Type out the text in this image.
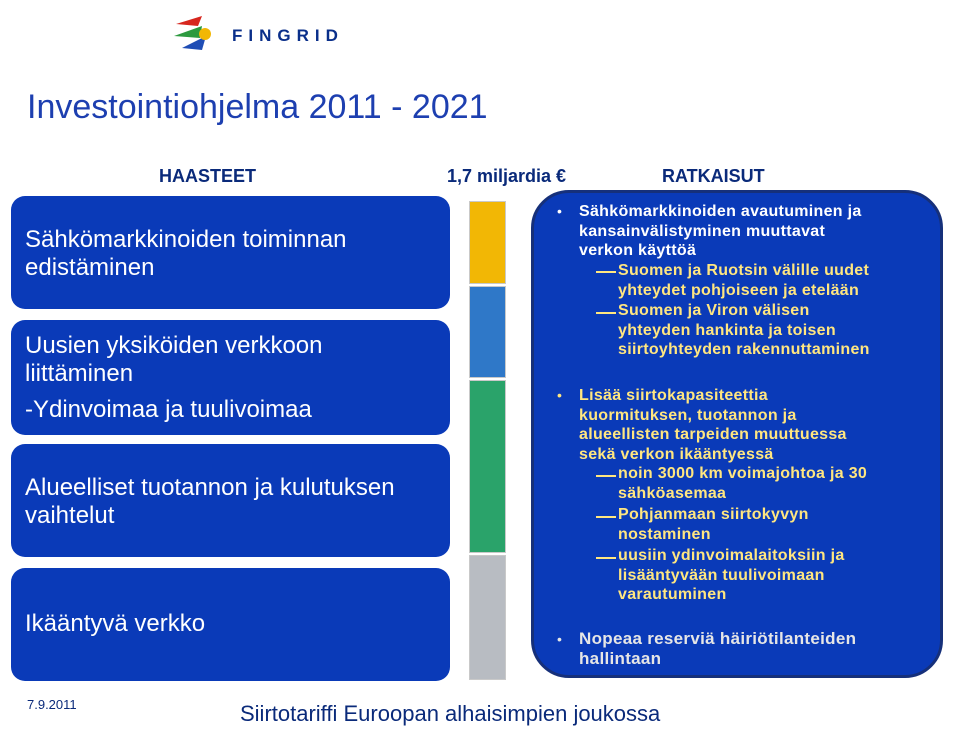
FINGRID
Investointiohjelma 2011 - 2021
HAASTEET	1,7 miljardia €	RATKAISUT
Sähkömarkkinoiden toiminnan
edistäminen
Uusien yksiköiden verkkoon
liittäminen
-Ydinvoimaa ja tuulivoimaa
Alueelliset tuotannon ja kulutuksen
vaihtelut
Ikääntyvä verkko
• Sähkömarkkinoiden avautuminen ja
kansainvälistyminen muuttavat
verkon käyttöä
Suomen ja Ruotsin välille uudet
yhteydet pohjoiseen ja etelään
Suomen ja Viron välisen
yhteyden hankinta ja toisen
siirtoyhteyden rakennuttaminen
• Lisää siirtokapasiteettia
kuormituksen, tuotannon ja
alueellisten tarpeiden muuttuessa
sekä verkon ikääntyessä
noin 3000 km voimajohtoa ja 30
sähköasemaa
Pohjanmaan siirtokyvyn
nostaminen
uusiin ydinvoimalaitoksiin ja
lisääntyvään tuulivoimaan
varautuminen
• Nopeaa reserviä häiriötilanteiden
hallintaan
7.9.2011	Siirtotariffi Euroopan alhaisimpien joukossa
